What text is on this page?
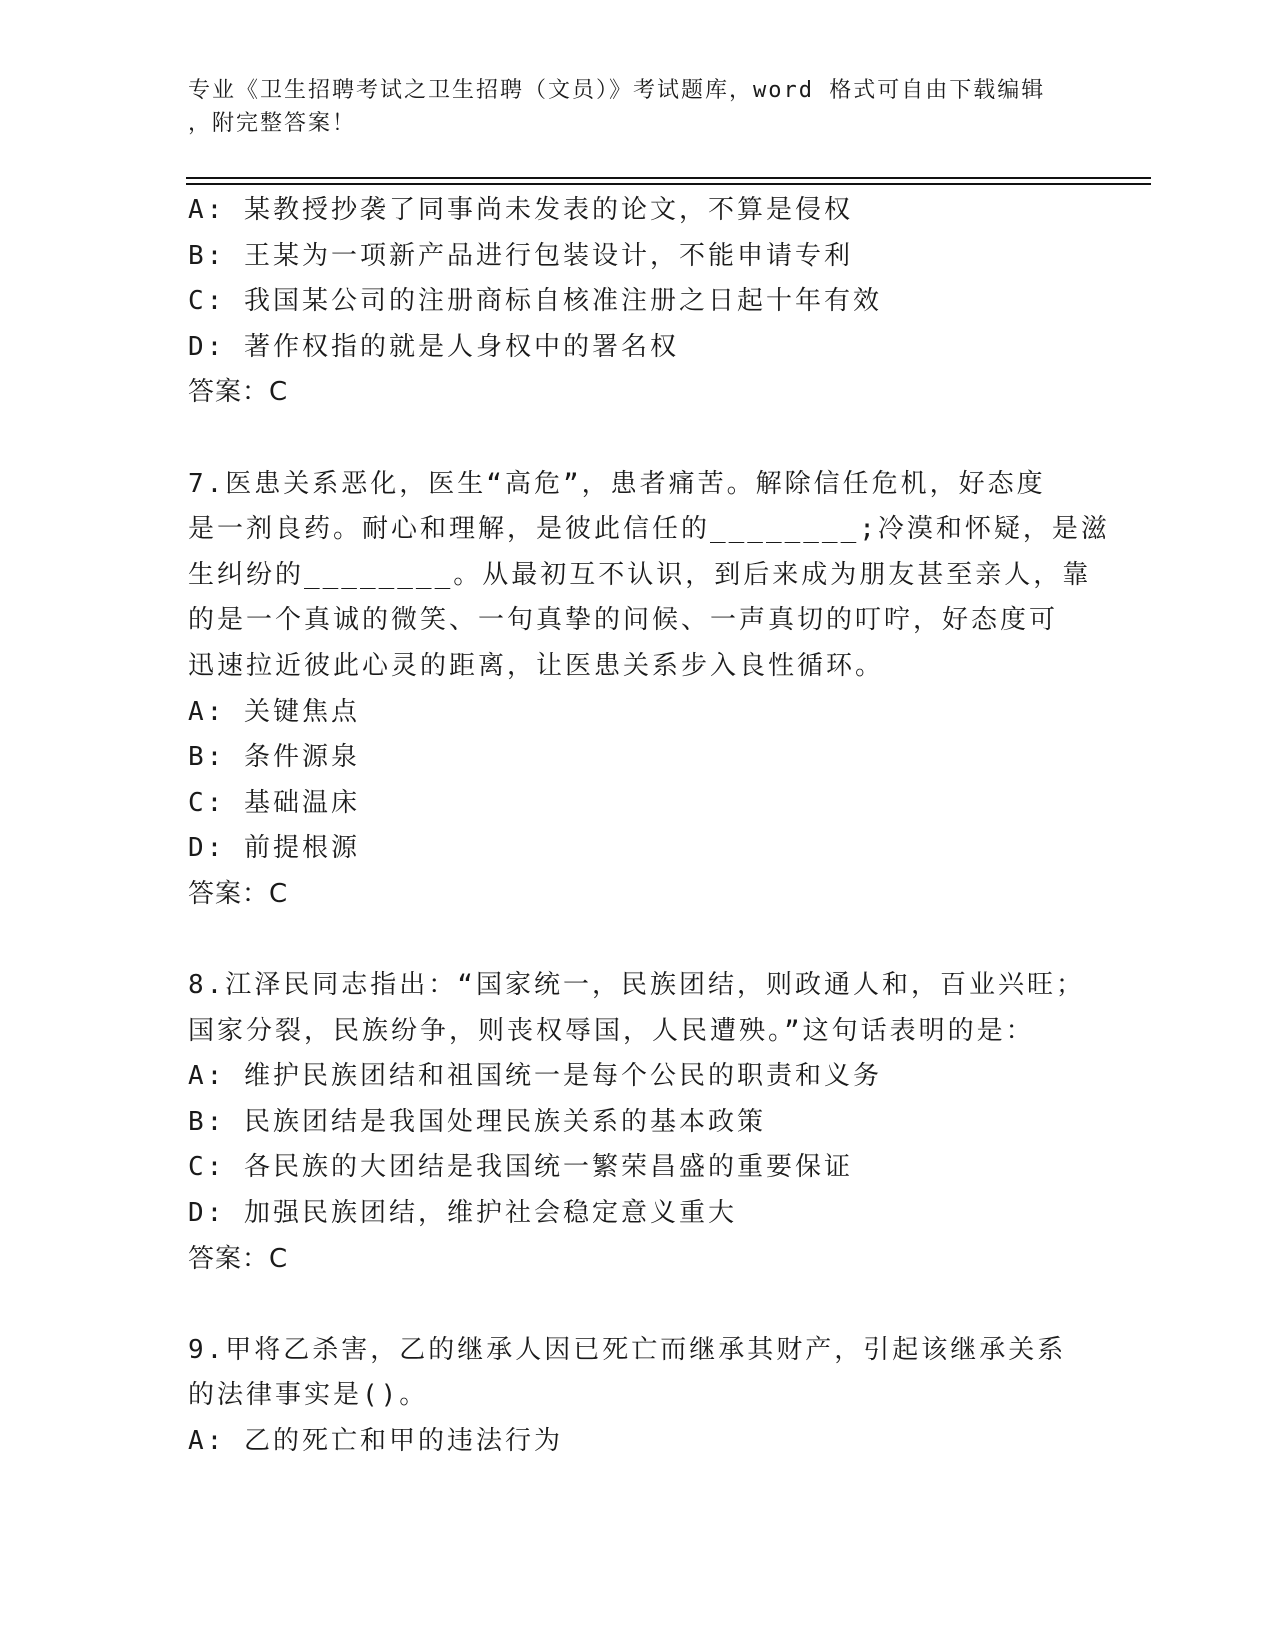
专业《卫生招聘考试之卫生招聘（文员）》考试题库，word 格式可自由下载编辑
，附完整答案！
A: 某教授抄袭了同事尚未发表的论文，不算是侵权
B: 王某为一项新产品进行包装设计，不能申请专利
C: 我国某公司的注册商标自核准注册之日起十年有效
D: 著作权指的就是人身权中的署名权
答案：C
7.医患关系恶化，医生“高危”，患者痛苦。解除信任危机，好态度
是一剂良药。耐心和理解，是彼此信任的________;冷漠和怀疑，是滋
生纠纷的________。从最初互不认识，到后来成为朋友甚至亲人，靠
的是一个真诚的微笑、一句真挚的问候、一声真切的叮咛，好态度可
迅速拉近彼此心灵的距离，让医患关系步入良性循环。
A: 关键焦点
B: 条件源泉
C: 基础温床
D: 前提根源
答案：C
8.江泽民同志指出：“国家统一，民族团结，则政通人和，百业兴旺；
国家分裂，民族纷争，则丧权辱国，人民遭殃。”这句话表明的是：
A: 维护民族团结和祖国统一是每个公民的职责和义务
B: 民族团结是我国处理民族关系的基本政策
C: 各民族的大团结是我国统一繁荣昌盛的重要保证
D: 加强民族团结，维护社会稳定意义重大
答案：C
9.甲将乙杀害，乙的继承人因已死亡而继承其财产，引起该继承关系
的法律事实是()。
A: 乙的死亡和甲的违法行为
